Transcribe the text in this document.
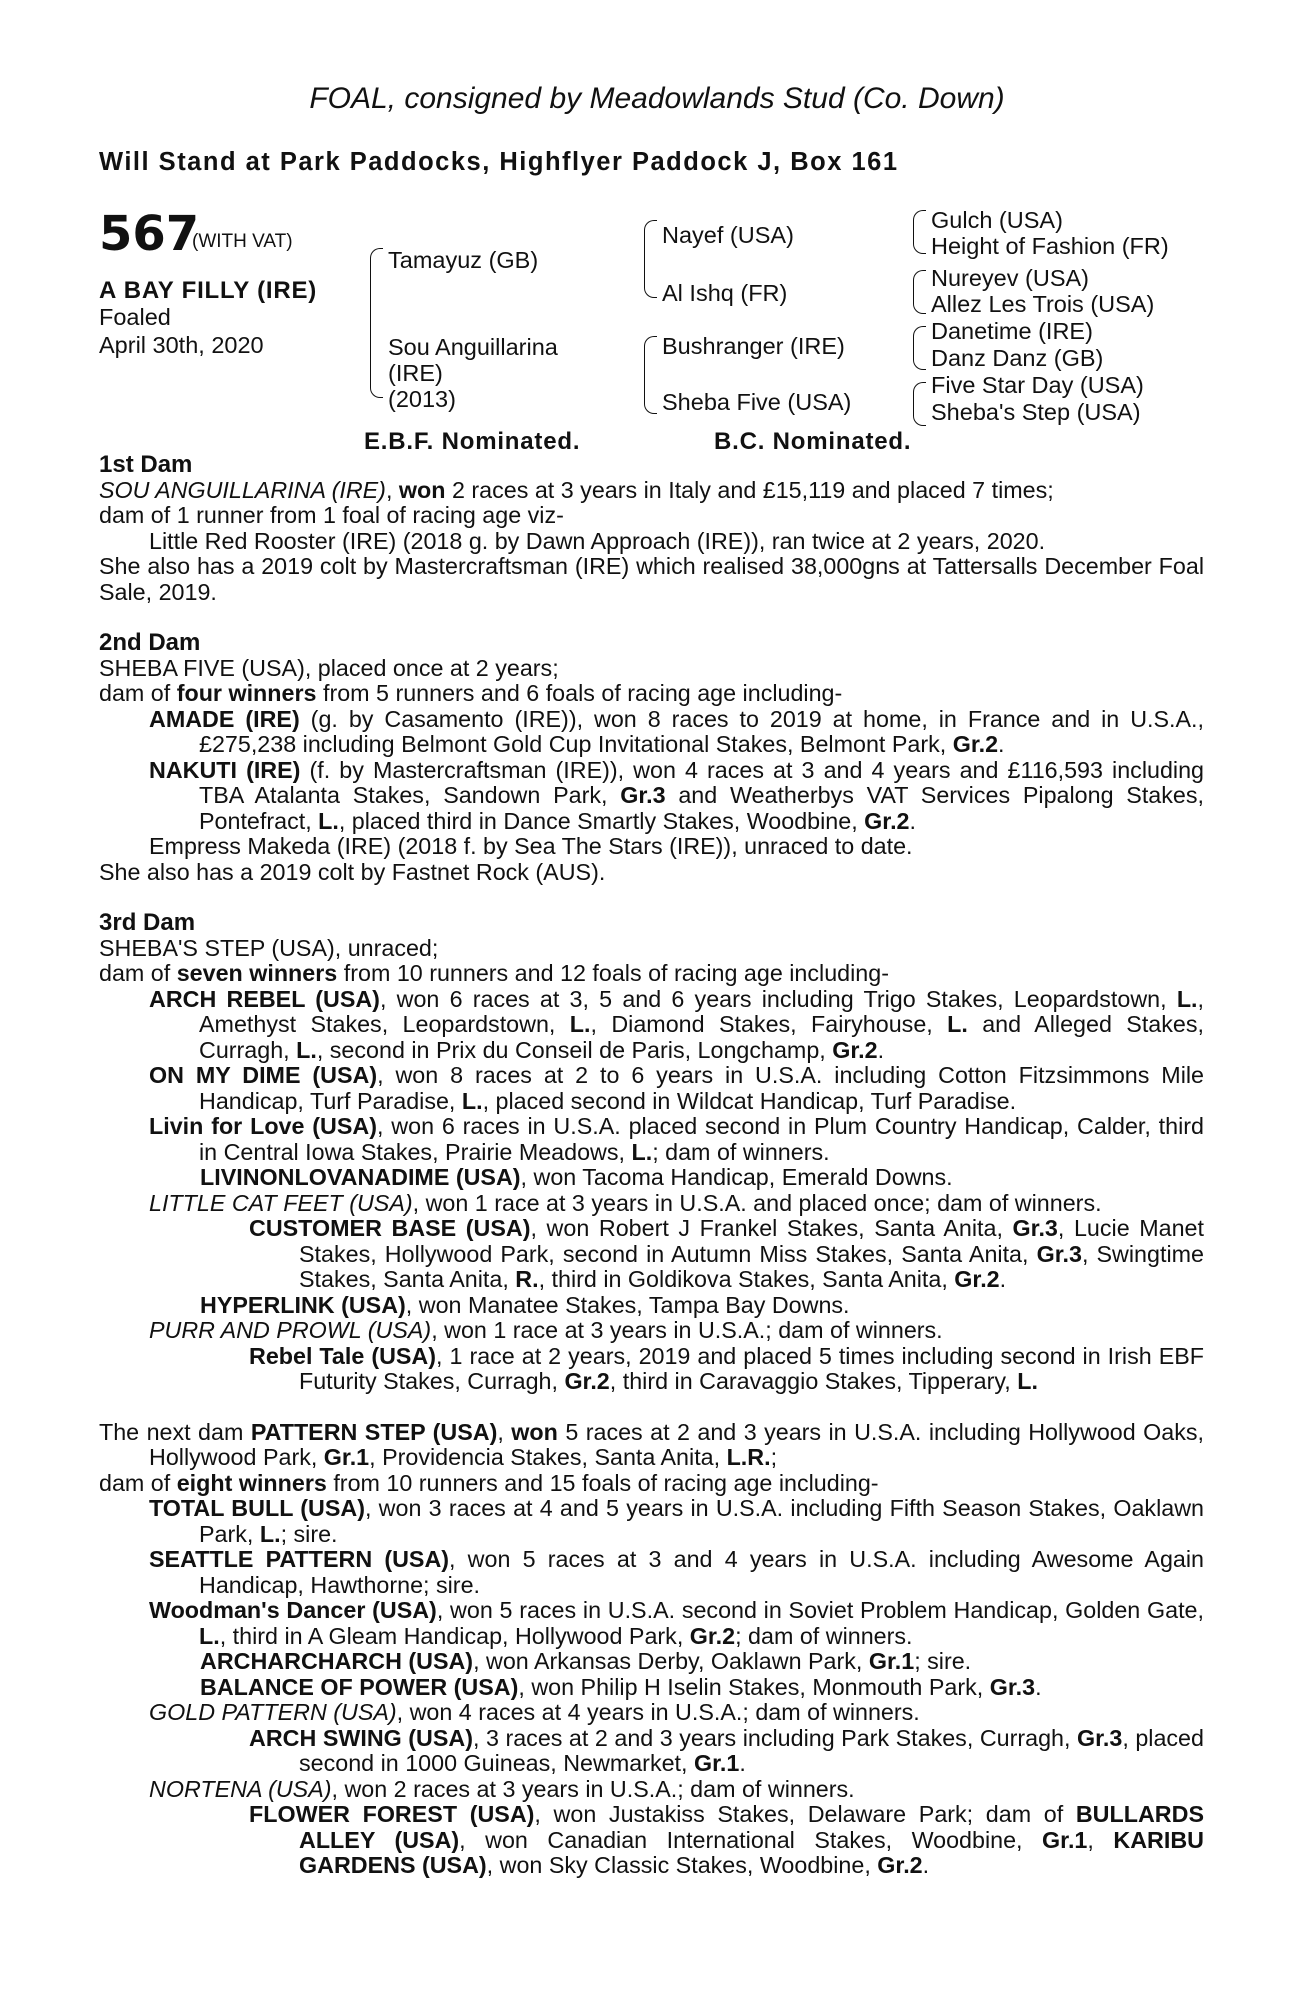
FOAL, consigned by Meadowlands Stud (Co. Down)
Will Stand at Park Paddocks, Highflyer Paddock J, Box 161
567
(WITH VAT)
A BAY FILLY (IRE)
Foaled
April 30th, 2020
Tamayuz (GB)
Sou Anguillarina
(IRE)
(2013)
Nayef (USA)
Al Ishq (FR)
Bushranger (IRE)
Sheba Five (USA)
Gulch (USA)
Height of Fashion (FR)
Nureyev (USA)
Allez Les Trois (USA)
Danetime (IRE)
Danz Danz (GB)
Five Star Day (USA)
Sheba's Step (USA)
E.B.F. Nominated.	B.C. Nominated.

1st Dam

SOU ANGUILLARINA (IRE), won 2 races at 3 years in Italy and £15,119 and placed 7 times;

dam of 1 runner from 1 foal of racing age viz-

Little Red Rooster (IRE) (2018 g. by Dawn Approach (IRE)), ran twice at 2 years, 2020.

She also has a 2019 colt by Mastercraftsman (IRE) which realised 38,000gns at Tattersalls December Foal Sale, 2019.

2nd Dam

SHEBA FIVE (USA), placed once at 2 years;

dam of four winners from 5 runners and 6 foals of racing age including-

AMADE (IRE) (g. by Casamento (IRE)), won 8 races to 2019 at home, in France and in U.S.A., £275,238 including Belmont Gold Cup Invitational Stakes, Belmont Park, Gr.2.

NAKUTI (IRE) (f. by Mastercraftsman (IRE)), won 4 races at 3 and 4 years and £116,593 including TBA Atalanta Stakes, Sandown Park, Gr.3 and Weatherbys VAT Services Pipalong Stakes, Pontefract, L., placed third in Dance Smartly Stakes, Woodbine, Gr.2.

Empress Makeda (IRE) (2018 f. by Sea The Stars (IRE)), unraced to date.

She also has a 2019 colt by Fastnet Rock (AUS).

3rd Dam

SHEBA'S STEP (USA), unraced;

dam of seven winners from 10 runners and 12 foals of racing age including-

ARCH REBEL (USA), won 6 races at 3, 5 and 6 years including Trigo Stakes, Leopardstown, L., Amethyst Stakes, Leopardstown, L., Diamond Stakes, Fairyhouse, L. and Alleged Stakes, Curragh, L., second in Prix du Conseil de Paris, Longchamp, Gr.2.

ON MY DIME (USA), won 8 races at 2 to 6 years in U.S.A. including Cotton Fitzsimmons Mile Handicap, Turf Paradise, L., placed second in Wildcat Handicap, Turf Paradise.

Livin for Love (USA), won 6 races in U.S.A. placed second in Plum Country Handicap, Calder, third in Central Iowa Stakes, Prairie Meadows, L.; dam of winners.

LIVINONLOVANADIME (USA), won Tacoma Handicap, Emerald Downs.

LITTLE CAT FEET (USA), won 1 race at 3 years in U.S.A. and placed once; dam of winners.

CUSTOMER BASE (USA), won Robert J Frankel Stakes, Santa Anita, Gr.3, Lucie Manet Stakes, Hollywood Park, second in Autumn Miss Stakes, Santa Anita, Gr.3, Swingtime Stakes, Santa Anita, R., third in Goldikova Stakes, Santa Anita, Gr.2.

HYPERLINK (USA), won Manatee Stakes, Tampa Bay Downs.

PURR AND PROWL (USA), won 1 race at 3 years in U.S.A.; dam of winners.

Rebel Tale (USA), 1 race at 2 years, 2019 and placed 5 times including second in Irish EBF Futurity Stakes, Curragh, Gr.2, third in Caravaggio Stakes, Tipperary, L.

The next dam PATTERN STEP (USA), won 5 races at 2 and 3 years in U.S.A. including Hollywood Oaks, Hollywood Park, Gr.1, Providencia Stakes, Santa Anita, L.R.;

dam of eight winners from 10 runners and 15 foals of racing age including-

TOTAL BULL (USA), won 3 races at 4 and 5 years in U.S.A. including Fifth Season Stakes, Oaklawn Park, L.; sire.

SEATTLE PATTERN (USA), won 5 races at 3 and 4 years in U.S.A. including Awesome Again Handicap, Hawthorne; sire.

Woodman's Dancer (USA), won 5 races in U.S.A. second in Soviet Problem Handicap, Golden Gate, L., third in A Gleam Handicap, Hollywood Park, Gr.2; dam of winners.

ARCHARCHARCH (USA), won Arkansas Derby, Oaklawn Park, Gr.1; sire.

BALANCE OF POWER (USA), won Philip H Iselin Stakes, Monmouth Park, Gr.3.

GOLD PATTERN (USA), won 4 races at 4 years in U.S.A.; dam of winners.

ARCH SWING (USA), 3 races at 2 and 3 years including Park Stakes, Curragh, Gr.3, placed second in 1000 Guineas, Newmarket, Gr.1.

NORTENA (USA), won 2 races at 3 years in U.S.A.; dam of winners.

FLOWER FOREST (USA), won Justakiss Stakes, Delaware Park; dam of BULLARDS ALLEY (USA), won Canadian International Stakes, Woodbine, Gr.1, KARIBU GARDENS (USA), won Sky Classic Stakes, Woodbine, Gr.2.
